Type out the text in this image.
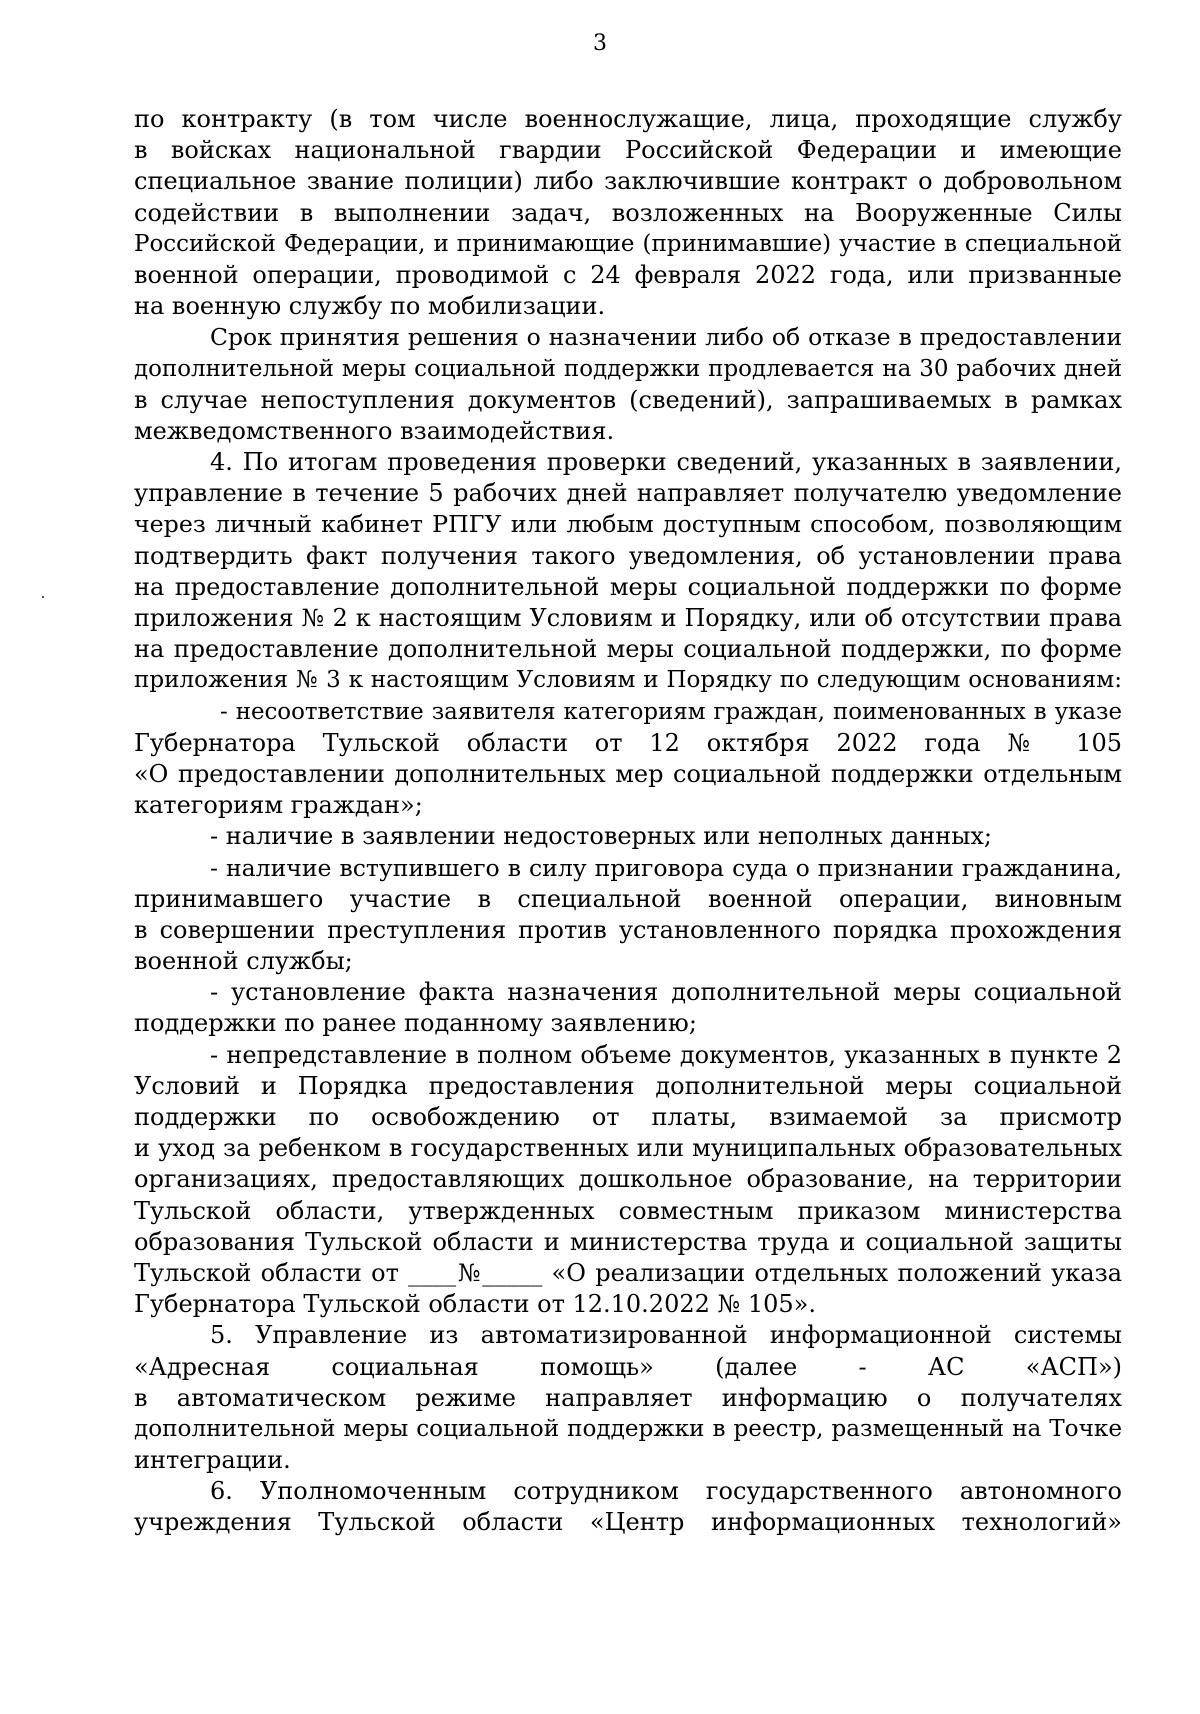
3
по контракту (в том числе военнослужащие, лица, проходящие службу
в войсках национальной гвардии Российской Федерации и имеющие
специальное звание полиции) либо заключившие контракт о добровольном
содействии в выполнении задач, возложенных на Вооруженные Силы
Российской Федерации, и принимающие (принимавшие) участие в специальной
военной операции, проводимой с 24 февраля 2022 года, или призванные
на военную службу по мобилизации.
Срок принятия решения о назначении либо об отказе в предоставлении
дополнительной меры социальной поддержки продлевается на 30 рабочих дней
в случае непоступления документов (сведений), запрашиваемых в рамках
межведомственного взаимодействия.
4. По итогам проведения проверки сведений, указанных в заявлении,
управление в течение 5 рабочих дней направляет получателю уведомление
через личный кабинет РПГУ или любым доступным способом, позволяющим
подтвердить факт получения такого уведомления, об установлении права
на предоставление дополнительной меры социальной поддержки по форме
приложения № 2 к настоящим Условиям и Порядку, или об отсутствии права
на предоставление дополнительной меры социальной поддержки, по форме
приложения № 3 к настоящим Условиям и Порядку по следующим основаниям:
- несоответствие заявителя категориям граждан, поименованных в указе
Губернатора Тульской области от 12 октября 2022 года № 105
«О предоставлении дополнительных мер социальной поддержки отдельным
категориям граждан»;
- наличие в заявлении недостоверных или неполных данных;
- наличие вступившего в силу приговора суда о признании гражданина,
принимавшего участие в специальной военной операции, виновным
в совершении преступления против установленного порядка прохождения
военной службы;
- установление факта назначения дополнительной меры социальной
поддержки по ранее поданному заявлению;
- непредставление в полном объеме документов, указанных в пункте 2
Условий и Порядка предоставления дополнительной меры социальной
поддержки по освобождению от платы, взимаемой за присмотр
и уход за ребенком в государственных или муниципальных образовательных
организациях, предоставляющих дошкольное образование, на территории
Тульской области, утвержденных совместным приказом министерства
образования Тульской области и министерства труда и социальной защиты
Тульской области от ____№_____ «О реализации отдельных положений указа
Губернатора Тульской области от 12.10.2022 № 105».
5. Управление из автоматизированной информационной системы
«Адресная социальная помощь» (далее - АС «АСП»)
в автоматическом режиме направляет информацию о получателях
дополнительной меры социальной поддержки в реестр, размещенный на Точке
интеграции.
6. Уполномоченным сотрудником государственного автономного
учреждения Тульской области «Центр информационных технологий»
